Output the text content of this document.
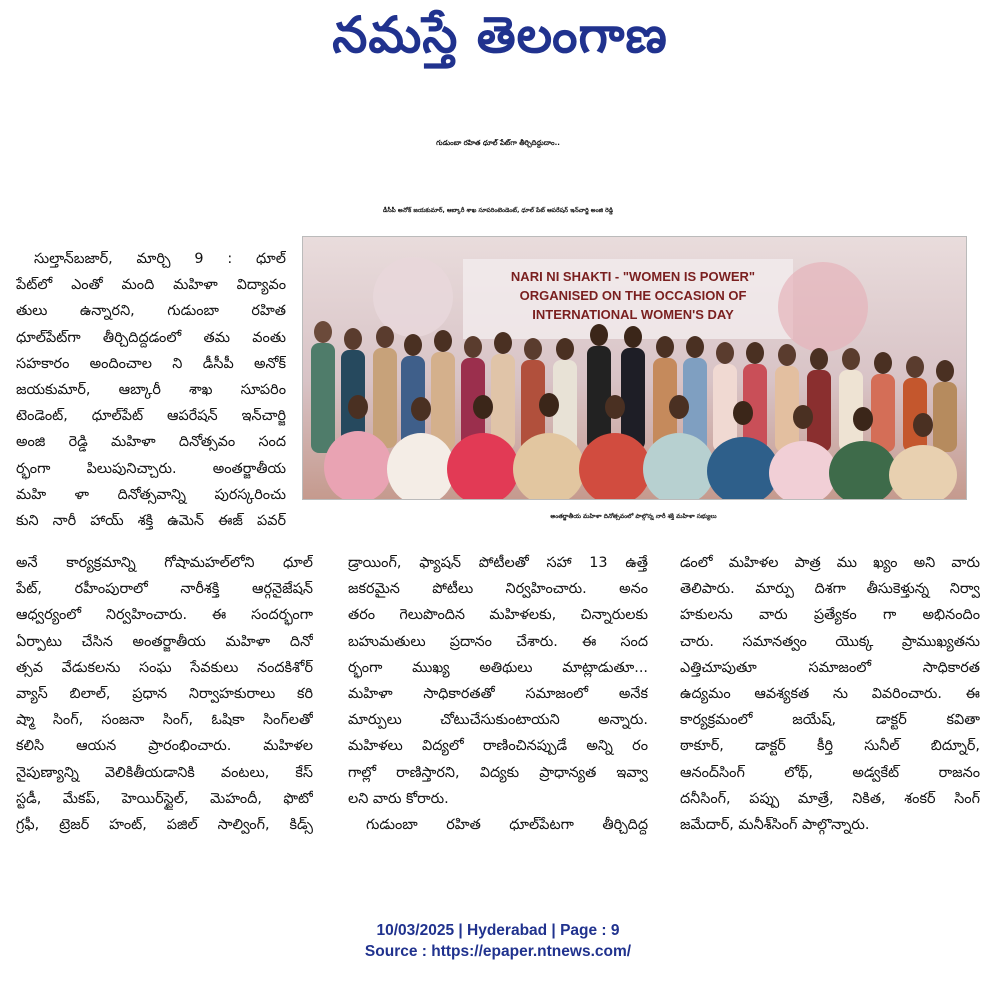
నమస్తే తెలంగాణ
గుడుంబా రహిత ధూల్ పేట్‌గా తీర్చిదిద్దుదాం..
డీసీపీ అనోక్ జయకుమార్, ఆబ్కారీ శాఖ సూపరింటెండెంట్, ధూల్ పేట్ ఆపరేషన్ ఇన్‌చార్జి అంజి రెడ్డి
NARI NI SHAKTI - "WOMEN IS POWER"
ORGANISED ON THE OCCASION OF
INTERNATIONAL WOMEN'S DAY
అంతర్జాతీయ మహిళా దినోత్సవంలో పాల్గొన్న నారీ శక్తి మహిళా సభ్యులు
సుల్తాన్‌బజార్, మార్చి 9 : ధూల్
పేట్‌లో ఎంతో మంది మహిళా విద్యావం
తులు ఉన్నారని, గుడుంబా రహిత
ధూల్‌పేట్‌గా తీర్చిదిద్దడంలో తమ వంతు
సహకారం అందించాల ని డీసీపీ అనోక్
జయకుమార్, ఆబ్కారీ శాఖ సూపరిం
టెండెంట్, ధూల్‌పేట్ ఆపరేషన్ ఇన్‌చార్జి
అంజి రెడ్డి మహిళా దినోత్సవం సంద
ర్భంగా పిలుపునిచ్చారు. అంతర్జాతీయ
మహి ళా దినోత్సవాన్ని పురస్కరించు
కుని నారీ హాయ్ శక్తి ఉమెన్ ఈజ్ పవర్
అనే కార్యక్రమాన్ని గోషామహల్‌లోని ధూల్
పేట్, రహీంపురాలో నారీశక్తి ఆర్గనైజేషన్
ఆధ్వర్యంలో నిర్వహించారు. ఈ సందర్భంగా
ఏర్పాటు చేసిన అంతర్జాతీయ మహిళా దినో
త్సవ వేడుకలను సంఘ సేవకులు నందకిశోర్
వ్యాస్ బిలాల్, ప్రధాన నిర్వాహకురాలు కరి
ష్మా సింగ్, సంజనా సింగ్, ఓషికా సింగ్‌లతో
కలిసి ఆయన ప్రారంభించారు. మహిళల
నైపుణ్యాన్ని వెలికితీయడానికి వంటలు, కేస్
స్టడీ, మేకప్, హెయిర్‌స్టైల్, మెహందీ, ఫొటో
గ్రఫీ, ట్రెజర్ హంట్, పజిల్ సాల్వింగ్, కిడ్స్
డ్రాయింగ్, ఫ్యాషన్ పోటీలతో సహా 13 ఉత్తే
జకరమైన పోటీలు నిర్వహించారు. అనం
తరం గెలుపొందిన మహిళలకు, చిన్నారులకు
బహుమతులు ప్రదానం చేశారు. ఈ సంద
ర్భంగా ముఖ్య అతిథులు మాట్లాడుతూ...
మహిళా సాధికారతతో సమాజంలో అనేక
మార్పులు చోటుచేసుకుంటాయని అన్నారు.
మహిళలు విద్యలో రాణించినప్పుడే అన్ని రం
గాల్లో రాణిస్తారని, విద్యకు ప్రాధాన్యత ఇవ్వా
లని వారు కోరారు.
గుడుంబా రహిత ధూల్‌పేటగా తీర్చిదిద్ద
డంలో మహిళల పాత్ర ము ఖ్యం అని వారు
తెలిపారు. మార్పు దిశగా తీసుకెళ్తున్న నిర్వా
హకులను వారు ప్రత్యేకం గా అభినందిం
చారు. సమానత్వం యొక్క ప్రాముఖ్యతను
ఎత్తిచూపుతూ సమాజంలో సాధికారత
ఉద్యమం ఆవశ్యకత ను వివరించారు. ఈ
కార్యక్రమంలో జయేష్, డాక్టర్ కవితా
ఠాకూర్, డాక్టర్ కీర్తి సునీల్ బిద్నూర్,
ఆనంద్‌సింగ్ లోథ్, అడ్వకేట్ రాజనం
దనీసింగ్, పప్పు మాత్రే, నికిత, శంకర్ సింగ్
జమేదార్, మనీశ్‌సింగ్ పాల్గొన్నారు.
10/03/2025 | Hyderabad | Page : 9
Source : https://epaper.ntnews.com/
